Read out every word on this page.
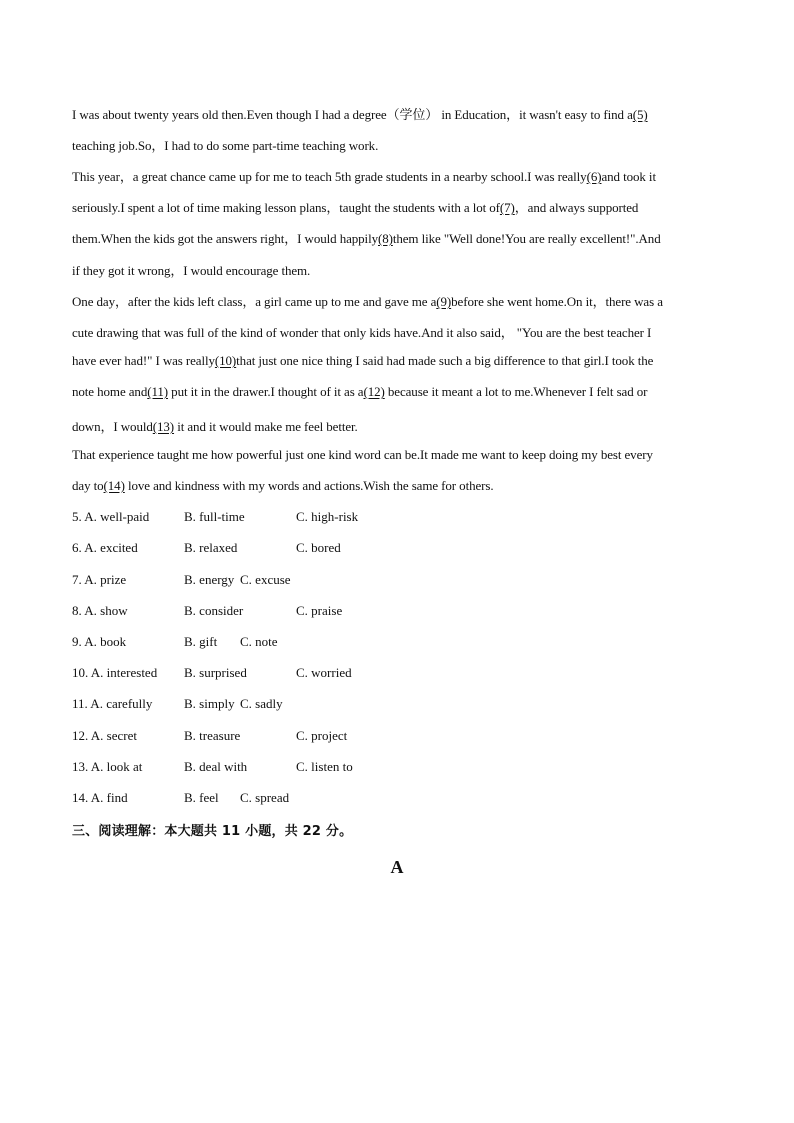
I was about twenty years old then.Even though I had a degree（学位） in Education，it wasn't easy to find a(5)
teaching job.So，I had to do some part-time teaching work.
This year，a great chance came up for me to teach 5th grade students in a nearby school.I was really(6)and took it
seriously.I spent a lot of time making lesson plans，taught the students with a lot of(7)，and always supported
them.When the kids got the answers right，I would happily(8)them like "Well done!You are really excellent!".And
if they got it wrong，I would encourage them.
One day，after the kids left class，a girl came up to me and gave me a(9)before she went home.On it，there was a
cute drawing that was full of the kind of wonder that only kids have.And it also said， "You are the best teacher I
have ever had!" I was really(10)that just one nice thing I said had made such a big difference to that girl.I took the
note home and(11) put it in the drawer.I thought of it as a(12) because it meant a lot to me.Whenever I felt sad or
down，I would(13) it and it would make me feel better.
That experience taught me how powerful just one kind word can be.It made me want to keep doing my best every
day to(14) love and kindness with my words and actions.Wish the same for others.
5. A. well-paid	B. full-time	C. high-risk
6. A. excited	B. relaxed	C. bored
7. A. prize	B. energy C. excuse
8. A. show	B. consider	C. praise
9. A. book	B. gift C. note
10. A. interested B. surprised	C. worried
11. A. carefully B. simply C. sadly
12. A. secret	B. treasure	C. project
13. A. look at	B. deal with	C. listen to
14. A. find	B. feel C. spread
三、阅读理解：本大题共 11 小题，共 22 分。
A
